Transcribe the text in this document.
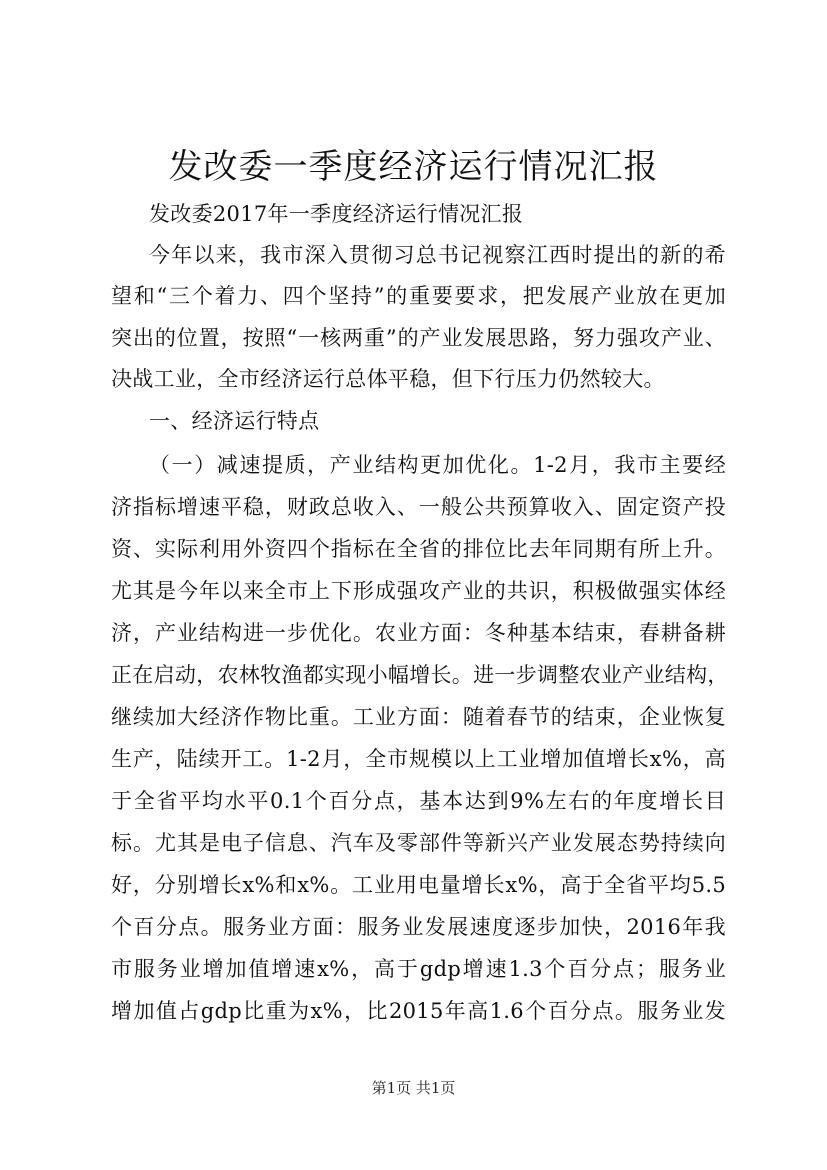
发改委一季度经济运行情况汇报
发改委2017年一季度经济运行情况汇报
今年以来，我市深入贯彻习总书记视察江西时提出的新的希
望和“三个着力、四个坚持”的重要要求，把发展产业放在更加
突出的位置，按照“一核两重”的产业发展思路，努力强攻产业、
决战工业，全市经济运行总体平稳，但下行压力仍然较大。
一、经济运行特点
（一）减速提质，产业结构更加优化。1-2月，我市主要经
济指标增速平稳，财政总收入、一般公共预算收入、固定资产投
资、实际利用外资四个指标在全省的排位比去年同期有所上升。
尤其是今年以来全市上下形成强攻产业的共识，积极做强实体经
济，产业结构进一步优化。农业方面：冬种基本结束，春耕备耕
正在启动，农林牧渔都实现小幅增长。进一步调整农业产业结构，
继续加大经济作物比重。工业方面：随着春节的结束，企业恢复
生产，陆续开工。1-2月，全市规模以上工业增加值增长x%，高
于全省平均水平0.1个百分点，基本达到9%左右的年度增长目
标。尤其是电子信息、汽车及零部件等新兴产业发展态势持续向
好，分别增长x%和x%。工业用电量增长x%，高于全省平均5.5
个百分点。服务业方面：服务业发展速度逐步加快，2016年我
市服务业增加值增速x%，高于gdp增速1.3个百分点；服务业
增加值占gdp比重为x%，比2015年高1.6个百分点。服务业发
第1页 共1页
